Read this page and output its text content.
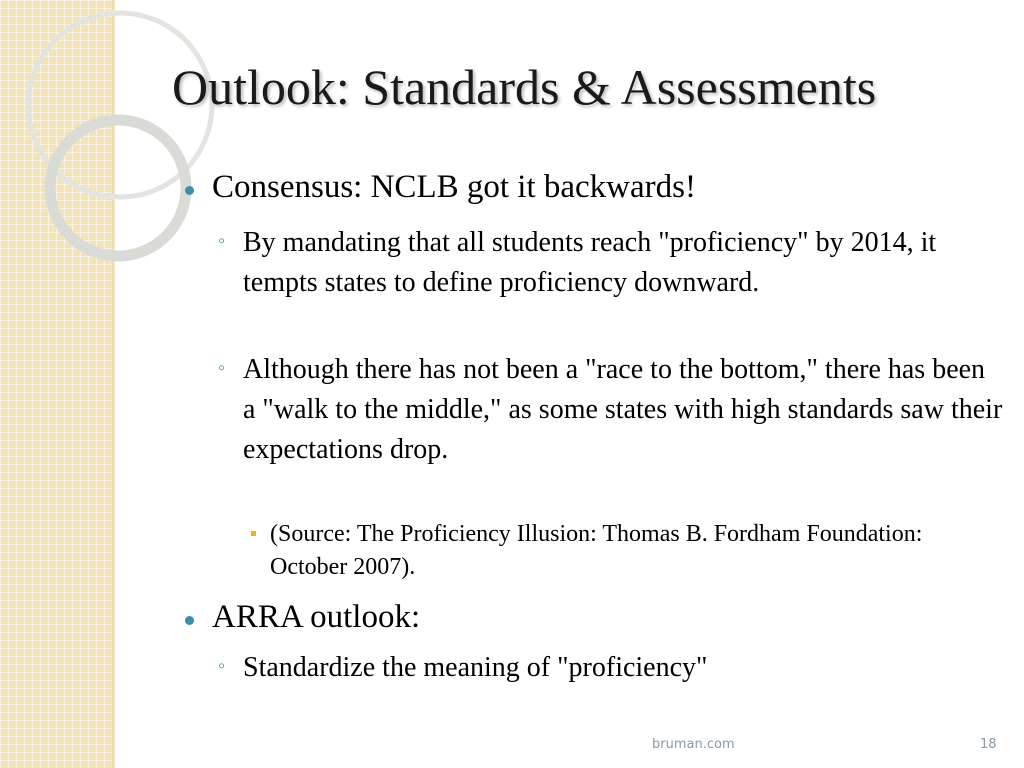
Outlook: Standards & Assessments
Consensus: NCLB got it backwards!
◦ By mandating that all students reach "proficiency" by 2014, it tempts states to define proficiency downward.
◦ Although there has not been a "race to the bottom," there has been a "walk to the middle," as some states with high standards saw their expectations drop.
(Source: The Proficiency Illusion: Thomas B. Fordham Foundation: October 2007).
ARRA outlook:
◦ Standardize the meaning of "proficiency"
bruman.com	18
